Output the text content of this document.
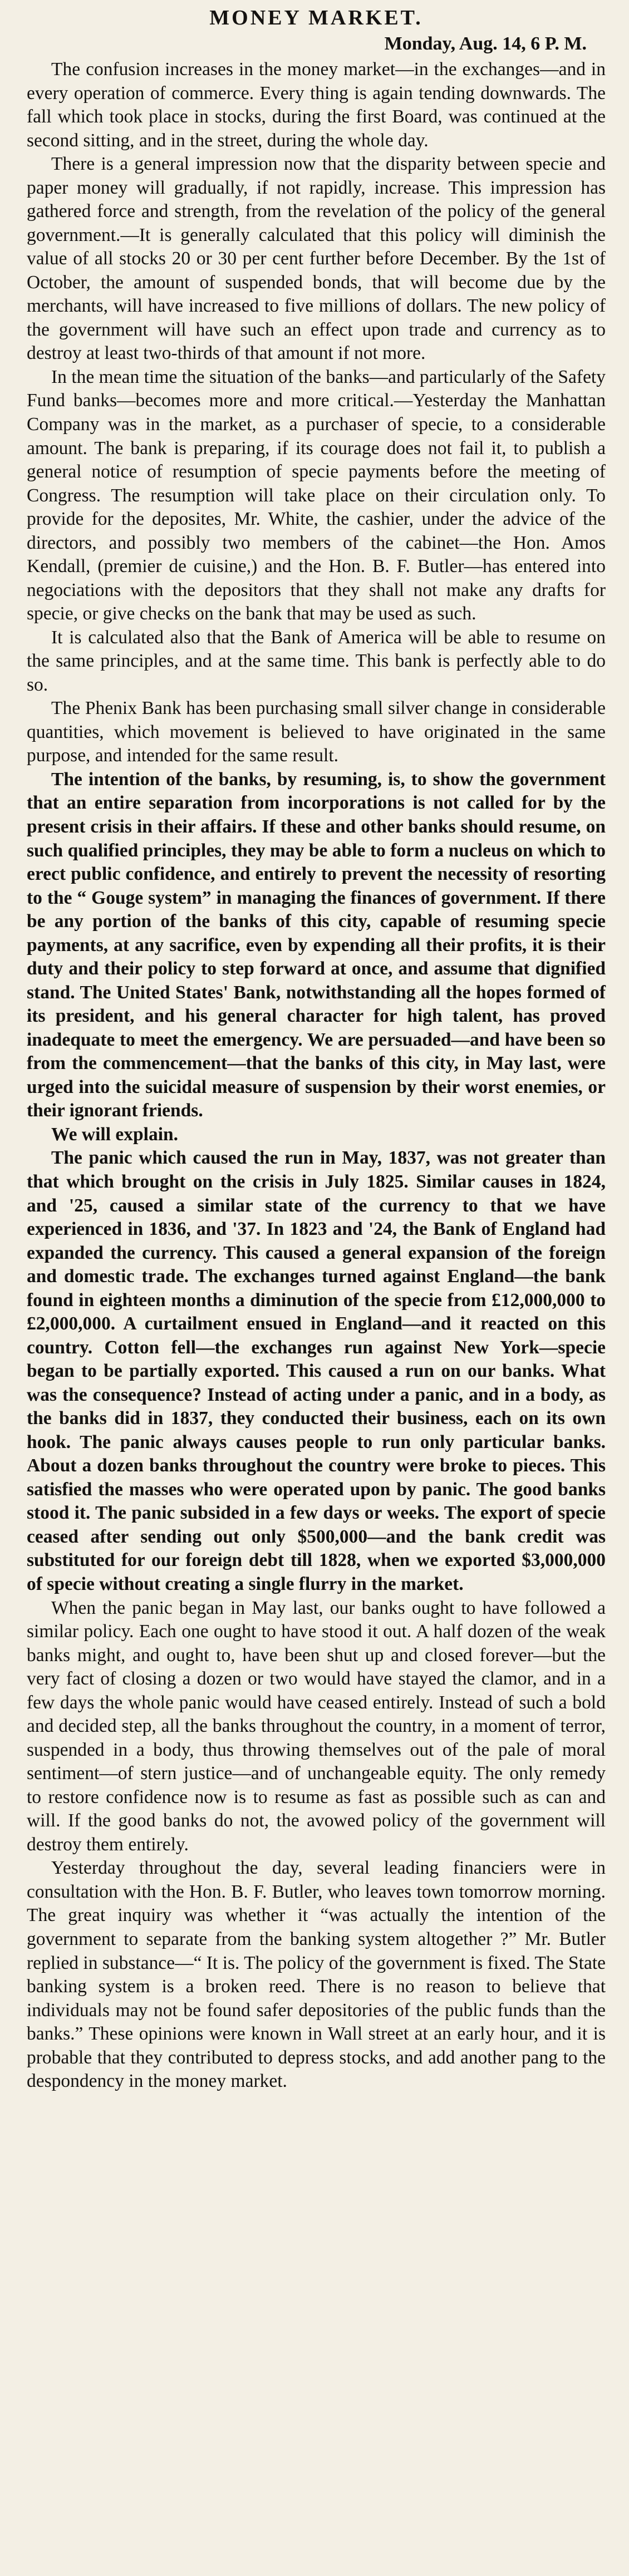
MONEY MARKET.
Monday, Aug. 14, 6 P. M.

The confusion increases in the money market—in the exchanges—and in every operation of commerce. Every thing is again tending downwards. The fall which took place in stocks, during the first Board, was continued at the second sitting, and in the street, during the whole day.

There is a general impression now that the disparity between specie and paper money will gradually, if not rapidly, increase. This impression has gathered force and strength, from the revelation of the policy of the general government.—It is generally calculated that this policy will diminish the value of all stocks 20 or 30 per cent further before December. By the 1st of October, the amount of suspended bonds, that will become due by the merchants, will have increased to five millions of dollars. The new policy of the government will have such an effect upon trade and currency as to destroy at least two-thirds of that amount if not more.

In the mean time the situation of the banks—and particularly of the Safety Fund banks—becomes more and more critical.—Yesterday the Manhattan Company was in the market, as a purchaser of specie, to a considerable amount. The bank is preparing, if its courage does not fail it, to publish a general notice of resumption of specie payments before the meeting of Congress. The resumption will take place on their circulation only. To provide for the deposites, Mr. White, the cashier, under the advice of the directors, and possibly two members of the cabinet—the Hon. Amos Kendall, (premier de cuisine,) and the Hon. B. F. Butler—has entered into negociations with the depositors that they shall not make any drafts for specie, or give checks on the bank that may be used as such.

It is calculated also that the Bank of America will be able to resume on the same principles, and at the same time. This bank is perfectly able to do so.

The Phenix Bank has been purchasing small silver change in considerable quantities, which movement is believed to have originated in the same purpose, and intended for the same result.

The intention of the banks, by resuming, is, to show the government that an entire separation from incorporations is not called for by the present crisis in their affairs. If these and other banks should resume, on such qualified principles, they may be able to form a nucleus on which to erect public confidence, and entirely to prevent the necessity of resorting to the “ Gouge system” in managing the finances of government. If there be any portion of the banks of this city, capable of resuming specie payments, at any sacrifice, even by expending all their profits, it is their duty and their policy to step forward at once, and assume that dignified stand. The United States' Bank, notwithstanding all the hopes formed of its president, and his general character for high talent, has proved inadequate to meet the emergency. We are persuaded—and have been so from the commencement—that the banks of this city, in May last, were urged into the suicidal measure of suspension by their worst enemies, or their ignorant friends.

We will explain.

The panic which caused the run in May, 1837, was not greater than that which brought on the crisis in July 1825. Similar causes in 1824, and '25, caused a similar state of the currency to that we have experienced in 1836, and '37. In 1823 and '24, the Bank of England had expanded the currency. This caused a general expansion of the foreign and domestic trade. The exchanges turned against England—the bank found in eighteen months a diminution of the specie from £12,000,000 to £2,000,000. A curtailment ensued in England—and it reacted on this country. Cotton fell—the exchanges run against New York—specie began to be partially exported. This caused a run on our banks. What was the consequence? Instead of acting under a panic, and in a body, as the banks did in 1837, they conducted their business, each on its own hook. The panic always causes people to run only particular banks. About a dozen banks throughout the country were broke to pieces. This satisfied the masses who were operated upon by panic. The good banks stood it. The panic subsided in a few days or weeks. The export of specie ceased after sending out only $500,000—and the bank credit was substituted for our foreign debt till 1828, when we exported $3,000,000 of specie without creating a single flurry in the market.

When the panic began in May last, our banks ought to have followed a similar policy. Each one ought to have stood it out. A half dozen of the weak banks might, and ought to, have been shut up and closed forever—but the very fact of closing a dozen or two would have stayed the clamor, and in a few days the whole panic would have ceased entirely. Instead of such a bold and decided step, all the banks throughout the country, in a moment of terror, suspended in a body, thus throwing themselves out of the pale of moral sentiment—of stern justice—and of unchangeable equity. The only remedy to restore confidence now is to resume as fast as possible such as can and will. If the good banks do not, the avowed policy of the government will destroy them entirely.

Yesterday throughout the day, several leading financiers were in consultation with the Hon. B. F. Butler, who leaves town tomorrow morning. The great inquiry was whether it “was actually the intention of the government to separate from the banking system altogether ?” Mr. Butler replied in substance—“ It is. The policy of the government is fixed. The State banking system is a broken reed. There is no reason to believe that individuals may not be found safer depositories of the public funds than the banks.” These opinions were known in Wall street at an early hour, and it is probable that they contributed to depress stocks, and add another pang to the despondency in the money market.
